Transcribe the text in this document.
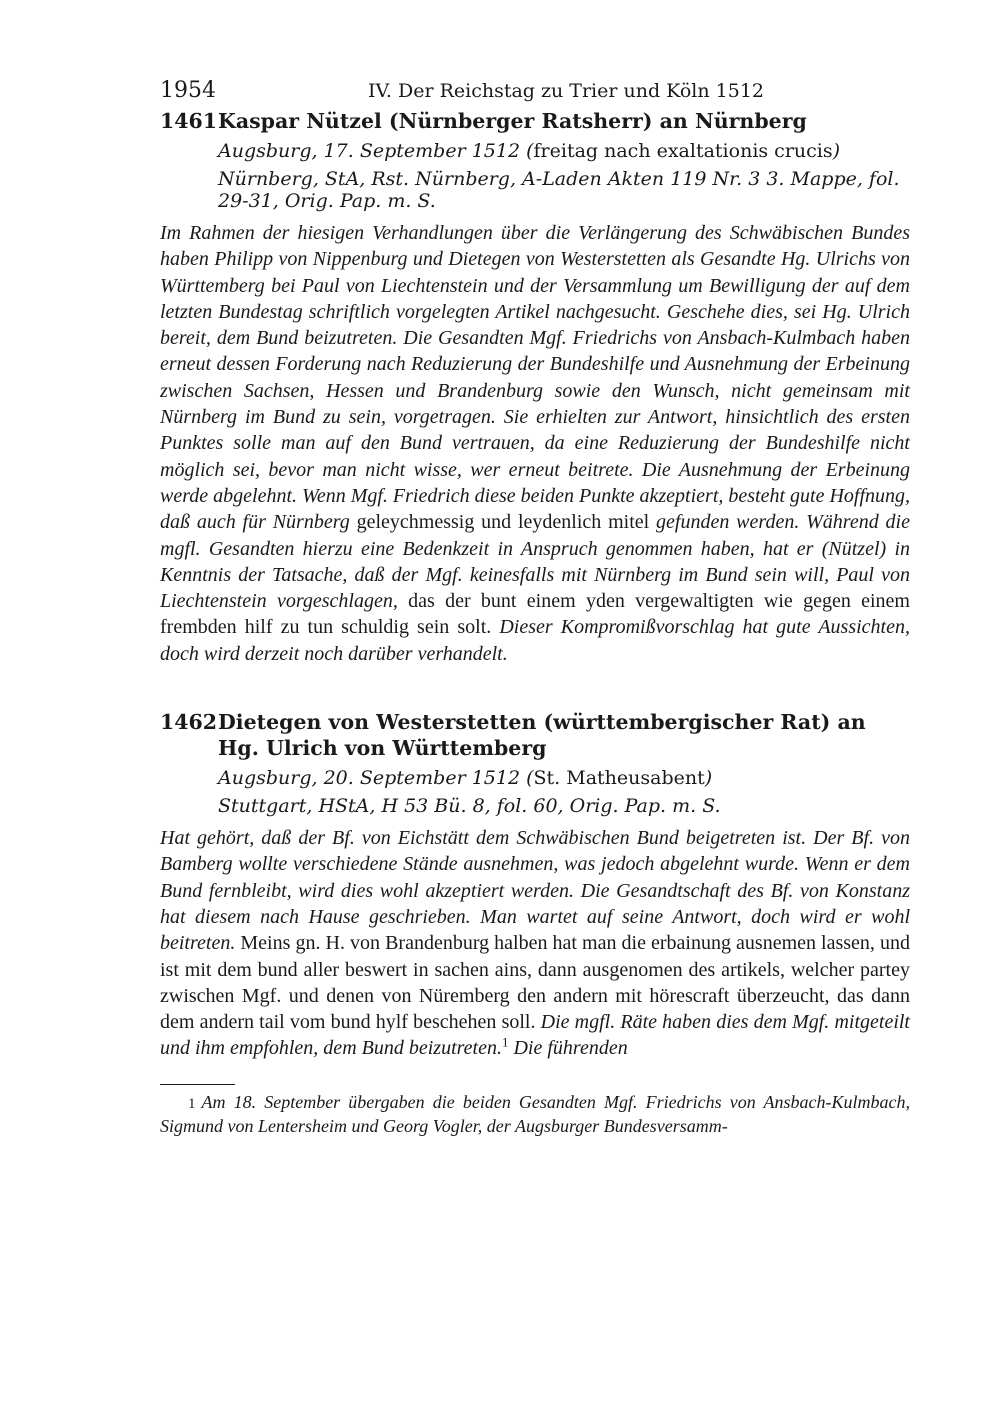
1954	IV. Der Reichstag zu Trier und Köln 1512
1461 Kaspar Nützel (Nürnberger Ratsherr) an Nürnberg
Augsburg, 17. September 1512 (freitag nach exaltationis crucis)
Nürnberg, StA, Rst. Nürnberg, A-Laden Akten 119 Nr. 3 3. Mappe, fol. 29-31, Orig. Pap. m. S.
Im Rahmen der hiesigen Verhandlungen über die Verlängerung des Schwäbischen Bundes haben Philipp von Nippenburg und Dietegen von Westerstetten als Gesandte Hg. Ulrichs von Württemberg bei Paul von Liechtenstein und der Versammlung um Bewilligung der auf dem letzten Bundestag schriftlich vorgelegten Artikel nachgesucht. Geschehe dies, sei Hg. Ulrich bereit, dem Bund beizutreten. Die Gesandten Mgf. Friedrichs von Ansbach-Kulmbach haben erneut dessen Forderung nach Reduzierung der Bundeshilfe und Ausnehmung der Erbeinung zwischen Sachsen, Hessen und Brandenburg sowie den Wunsch, nicht gemeinsam mit Nürnberg im Bund zu sein, vorgetragen. Sie erhielten zur Antwort, hinsichtlich des ersten Punktes solle man auf den Bund vertrauen, da eine Reduzierung der Bundeshilfe nicht möglich sei, bevor man nicht wisse, wer erneut beitrete. Die Ausnehmung der Erbeinung werde abgelehnt. Wenn Mgf. Friedrich diese beiden Punkte akzeptiert, besteht gute Hoffnung, daß auch für Nürnberg geleychmessig und leydenlich mitel gefunden werden. Während die mgfl. Gesandten hierzu eine Bedenkzeit in Anspruch genommen haben, hat er (Nützel) in Kenntnis der Tatsache, daß der Mgf. keinesfalls mit Nürnberg im Bund sein will, Paul von Liechtenstein vorgeschlagen, das der bunt einem yden vergewaltigten wie gegen einem frembden hilf zu tun schuldig sein solt. Dieser Kompromißvorschlag hat gute Aussichten, doch wird derzeit noch darüber verhandelt.
1462 Dietegen von Westerstetten (württembergischer Rat) an Hg. Ulrich von Württemberg
Augsburg, 20. September 1512 (St. Matheusabent)
Stuttgart, HStA, H 53 Bü. 8, fol. 60, Orig. Pap. m. S.
Hat gehört, daß der Bf. von Eichstätt dem Schwäbischen Bund beigetreten ist. Der Bf. von Bamberg wollte verschiedene Stände ausnehmen, was jedoch abgelehnt wurde. Wenn er dem Bund fernbleibt, wird dies wohl akzeptiert werden. Die Gesandtschaft des Bf. von Konstanz hat diesem nach Hause geschrieben. Man wartet auf seine Antwort, doch wird er wohl beitreten. Meins gn. H. von Brandenburg halben hat man die erbainung ausnemen lassen, und ist mit dem bund aller beswert in sachen ains, dann ausgenomen des artikels, welcher partey zwischen Mgf. und denen von Nüremberg den andern mit hörescraft überzeucht, das dann dem andern tail vom bund hylf beschehen soll. Die mgfl. Räte haben dies dem Mgf. mitgeteilt und ihm empfohlen, dem Bund beizutreten.$^1$ Die führenden
1 Am 18. September übergaben die beiden Gesandten Mgf. Friedrichs von Ansbach-Kulmbach, Sigmund von Lentersheim und Georg Vogler, der Augsburger Bundesversamm-
